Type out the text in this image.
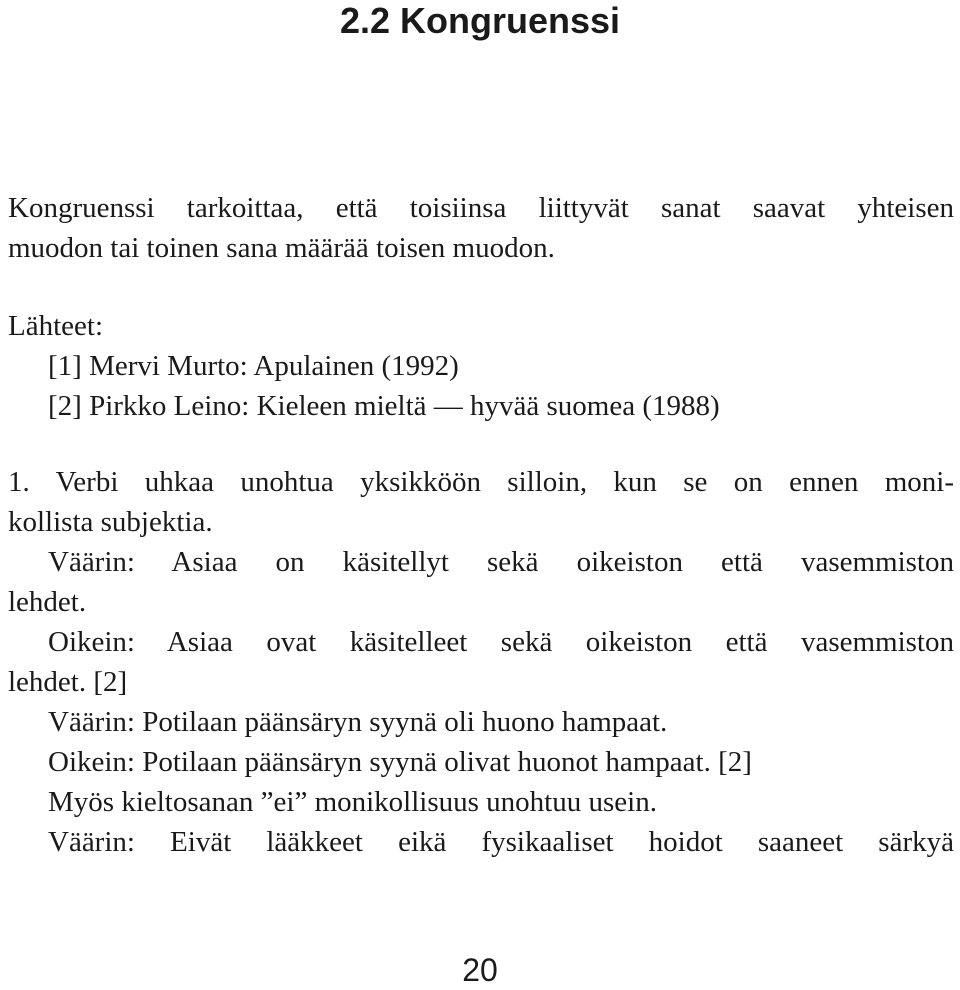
2.2 Kongruenssi
Kongruenssi tarkoittaa, että toisiinsa liittyvät sanat saavat yhteisen
muodon tai toinen sana määrää toisen muodon.
Lähteet:
[1] Mervi Murto: Apulainen (1992)
[2] Pirkko Leino: Kieleen mieltä — hyvää suomea (1988)
1. Verbi uhkaa unohtua yksikköön silloin, kun se on ennen moni-
kollista subjektia.
Väärin: Asiaa on käsitellyt sekä oikeiston että vasemmiston
lehdet.
Oikein: Asiaa ovat käsitelleet sekä oikeiston että vasemmiston
lehdet. [2]
Väärin: Potilaan päänsäryn syynä oli huono hampaat.
Oikein: Potilaan päänsäryn syynä olivat huonot hampaat. [2]
Myös kieltosanan ”ei” monikollisuus unohtuu usein.
Väärin: Eivät lääkkeet eikä fysikaaliset hoidot saaneet särkyä
20
